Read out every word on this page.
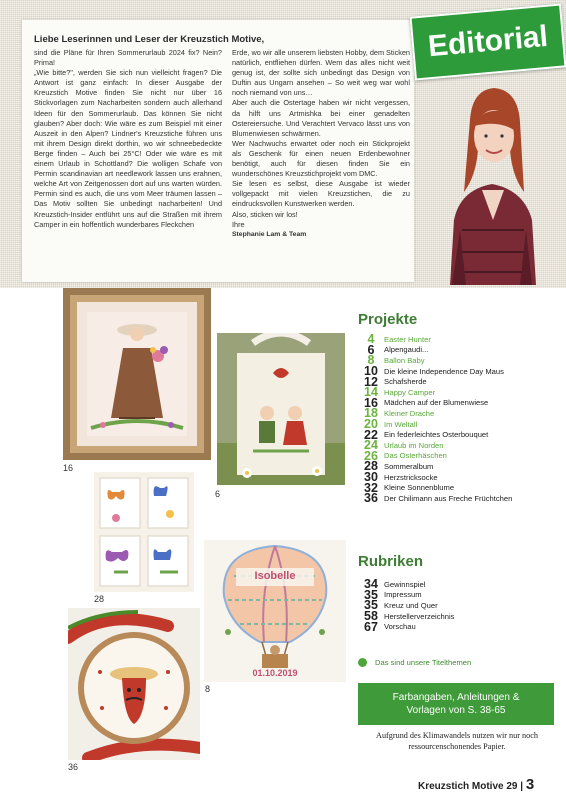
Liebe Leserinnen und Leser der Kreuzstich Motive,

sind die Pläne für Ihren Sommerurlaub 2024 fix? Nein? Prima!

„Wie bitte?", werden Sie sich nun vielleicht fragen? Die Antwort ist ganz einfach: In dieser Ausgabe der Kreuzstich Motive finden Sie nicht nur über 16 Stickvorlagen zum Nacharbeiten sondern auch allerhand Ideen für den Sommerurlaub. Das können Sie nicht glauben? Aber doch: Wie wäre es zum Beispiel mit einer Auszeit in den Alpen? Lindner's Kreuzstiche führen uns mit ihrem Design direkt dorthin, wo wir schneebedeckte Berge finden – Auch bei 25°C! Oder wie wäre es mit einem Urlaub in Schottland? Die wolligen Schafe von Permin scandinavian art needlework lassen uns erahnen, welche Art von Zeitgenossen dort auf uns warten würden. Permin sind es auch, die uns vom Meer träumen lassen – Das Motiv sollten Sie unbedingt nacharbeiten! Und Kreuzstich-Insider entführt uns auf die Straßen mit ihrem Camper in ein hoffentlich wunderbares Fleckchen

Erde, wo wir alle unserem liebsten Hobby, dem Sticken natürlich, entfliehen dürfen. Wem das alles nicht weit genug ist, der sollte sich unbedingt das Design von Duftin aus Ungarn ansehen – So weit weg war wohl noch niemand von uns…

Aber auch die Ostertage haben wir nicht vergessen, da hilft uns Artmishka bei einer genadelten Ostereiersuche. Und Verachtert Vervaco lässt uns von Blumenwiesen schwärmen.

Wer Nachwuchs erwartet oder noch ein Stickprojekt als Geschenk für einen neuen Erdenbewohner benötigt, auch für diesen finden Sie ein wunderschönes Kreuzstichprojekt vom DMC.

Sie lesen es selbst, diese Ausgabe ist wieder vollgepackt mit vielen Kreuzstichen, die zu eindrucksvollen Kunstwerken werden.

Also, sticken wir los!

Ihre

Stephanie Lam & Team

Editorial
16
6
28
Isobelle
01.10.2019
8
36
Projekte
4	Easter Hunter
6	Alpengaudi...
8	Ballon Baby
10 Die kleine Independence Day Maus
12 Schafsherde
14 Happy Camper
16 Mädchen auf der Blumenwiese
18 Kleiner Drache
20 Im Weltall
22 Ein federleichtes Osterbouquet
24 Urlaub im Norden
26 Das Osterhäschen
28 Sommeralbum
30 Herzstricksocke
32 Kleine Sonnenblume
36 Der Chilimann aus Freche Früchtchen
Rubriken
34 Gewinnspiel
35 Impressum
35 Kreuz und Quer
58 Herstellerverzeichnis
67 Vorschau
Das sind unsere Titelthemen
Farbangaben, Anleitungen &
Vorlagen von S. 38-65
Aufgrund des Klimawandels nutzen wir nur noch ressourcenschonendes Papier.
Kreuzstich Motive 29 | 3
